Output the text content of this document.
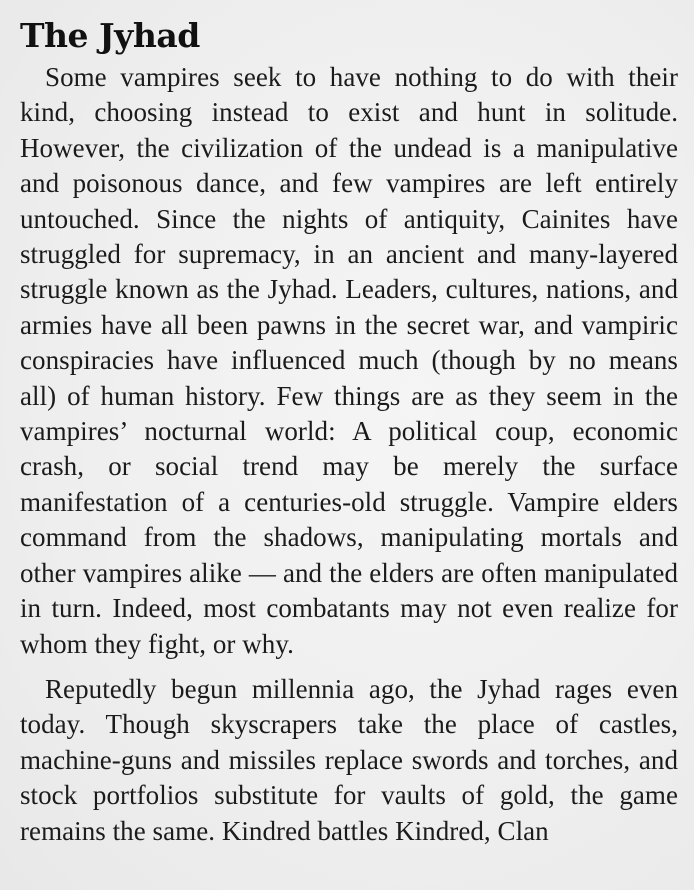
The Jyhad

Some vampires seek to have nothing to do with their kind, choosing instead to exist and hunt in solitude. However, the civilization of the undead is a manipulative and poisonous dance, and few vampires are left entirely untouched. Since the nights of antiquity, Cainites have struggled for supremacy, in an ancient and many-layered struggle known as the Jyhad. Leaders, cultures, nations, and armies have all been pawns in the secret war, and vampiric conspiracies have influenced much (though by no means all) of human history. Few things are as they seem in the vampires’ nocturnal world: A political coup, economic crash, or social trend may be merely the surface manifestation of a centuries-old struggle. Vampire elders command from the shadows, manipulating mortals and other vampires alike — and the elders are often manipulated in turn. Indeed, most combatants may not even realize for whom they fight, or why.

Reputedly begun millennia ago, the Jyhad rages even today. Though skyscrapers take the place of castles, machine-guns and missiles replace swords and torches, and stock portfolios substitute for vaults of gold, the game remains the same. Kindred battles Kindred, Clan
